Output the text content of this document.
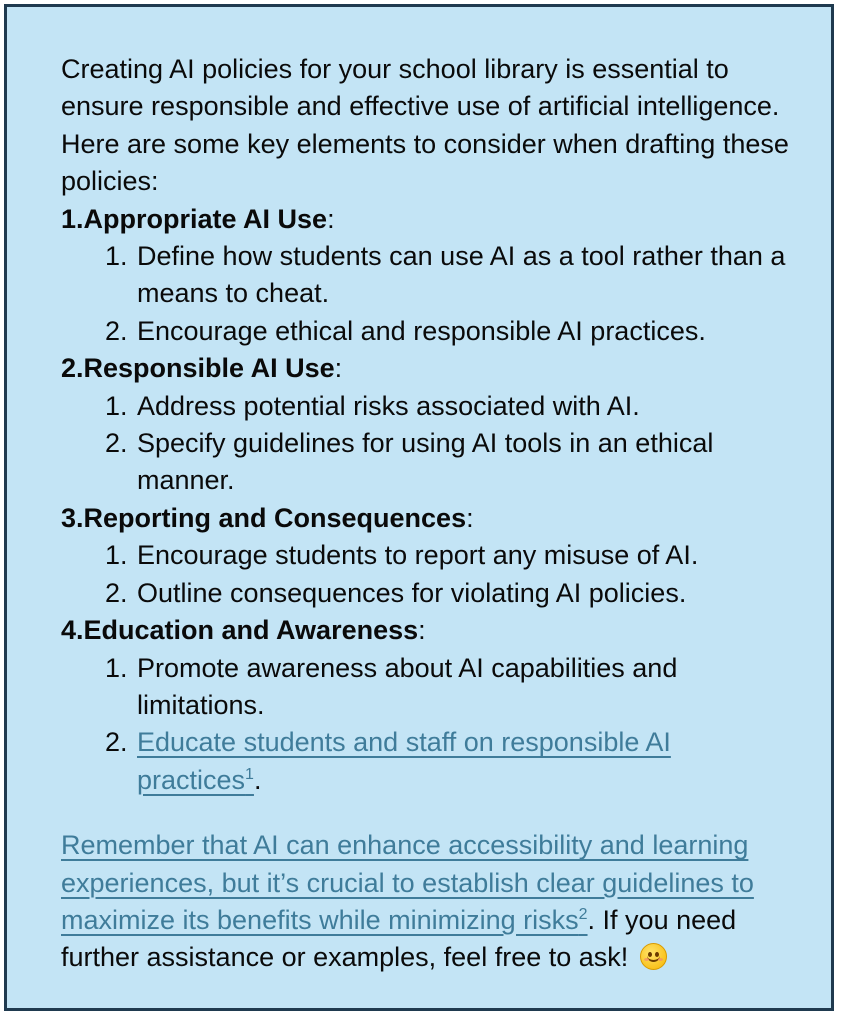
Creating AI policies for your school library is essential to ensure responsible and effective use of artificial intelligence. Here are some key elements to consider when drafting these policies:

1. Appropriate AI Use :
1. Define how students can use AI as a tool rather than a means to cheat.
2. Encourage ethical and responsible AI practices.
2. Responsible AI Use :
1. Address potential risks associated with AI.
2. Specify guidelines for using AI tools in an ethical manner.
3. Reporting and Consequences :
1. Encourage students to report any misuse of AI.
2. Outline consequences for violating AI policies.
4. Education and Awareness :
1. Promote awareness about AI capabilities and limitations.
2. Educate students and staff on responsible AI practices$^1$.

Remember that AI can enhance accessibility and learning experiences, but it’s crucial to establish clear guidelines to maximize its benefits while minimizing risks$^2$. If you need further assistance or examples, feel free to ask!
